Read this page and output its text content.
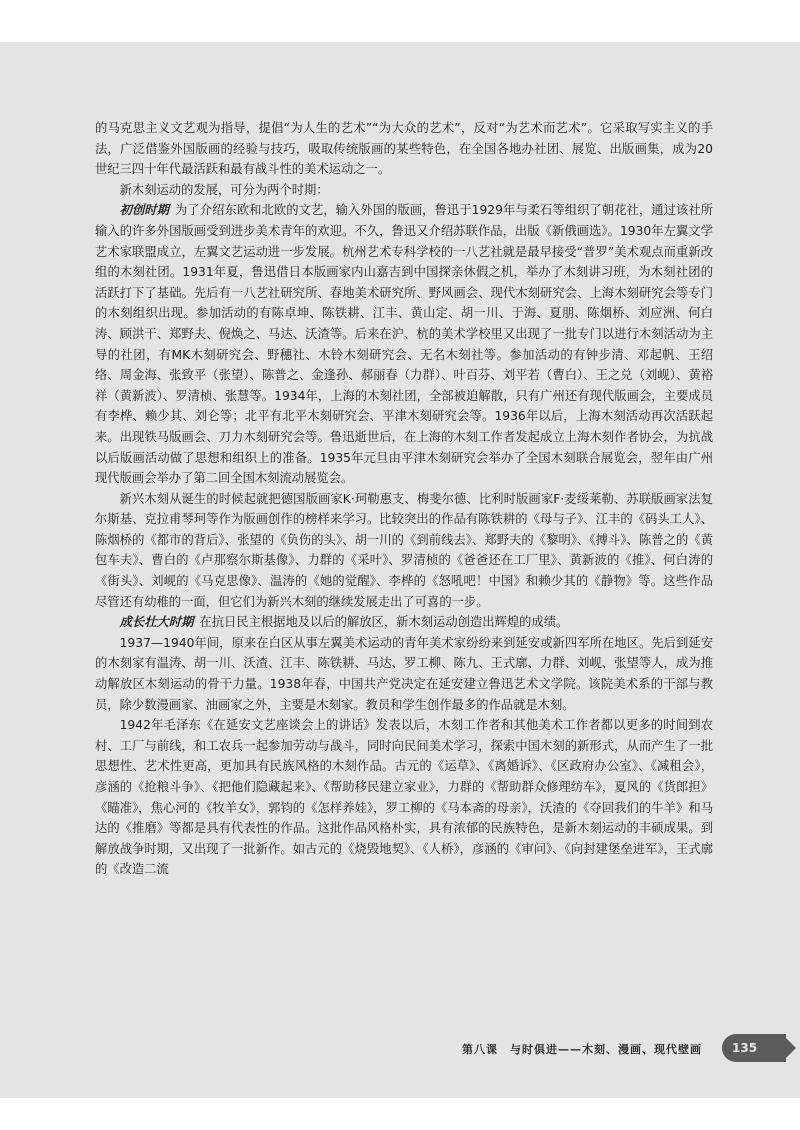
的马克思主义文艺观为指导，提倡“为人生的艺术”“为大众的艺术”，反对“为艺术而艺术”。它采取写实主义的手法，广泛借鉴外国版画的经验与技巧，吸取传统版画的某些特色，在全国各地办社团、展览、出版画集，成为20世纪三四十年代最活跃和最有战斗性的美术运动之一。

新木刻运动的发展，可分为两个时期：

初创时期 为了介绍东欧和北欧的文艺，输入外国的版画，鲁迅于1929年与柔石等组织了朝花社，通过该社所输入的许多外国版画受到进步美术青年的欢迎。不久，鲁迅又介绍苏联作品，出版《新俄画选》。1930年左翼文学艺术家联盟成立，左翼文艺运动进一步发展。杭州艺术专科学校的一八艺社就是最早接受“普罗”美术观点而重新改组的木刻社团。1931年夏，鲁迅借日本版画家内山嘉吉到中国探亲休假之机，举办了木刻讲习班，为木刻社团的活跃打下了基础。先后有一八艺社研究所、春地美术研究所、野风画会、现代木刻研究会、上海木刻研究会等专门的木刻组织出现。参加活动的有陈卓坤、陈铁耕、江丰、黄山定、胡一川、于海、夏朋、陈烟桥、刘应洲、何白涛、顾洪干、郑野夫、倪焕之、马达、沃渣等。后来在沪、杭的美术学校里又出现了一批专门以进行木刻活动为主导的社团，有MK木刻研究会、野穗社、木铃木刻研究会、无名木刻社等。参加活动的有钟步清、邓起帆、王绍络、周金海、张致平（张望）、陈普之、金逢孙、郝丽春（力群）、叶百芬、刘平若（曹白）、王之兑（刘岘）、黄裕祥（黄新波）、罗清桢、张慧等。1934年，上海的木刻社团，全部被迫解散，只有广州还有现代版画会，主要成员有李桦、赖少其、刘仑等；北平有北平木刻研究会、平津木刻研究会等。1936年以后，上海木刻活动再次活跃起来。出现铁马版画会、刀力木刻研究会等。鲁迅逝世后，在上海的木刻工作者发起成立上海木刻作者协会，为抗战以后版画活动做了思想和组织上的准备。1935年元旦由平津木刻研究会举办了全国木刻联合展览会，翌年由广州现代版画会举办了第二回全国木刻流动展览会。

新兴木刻从诞生的时候起就把德国版画家K·珂勒惠支、梅斐尔德、比利时版画家F·麦绥莱勒、苏联版画家法复尔斯基、克拉甫琴珂等作为版画创作的榜样来学习。比较突出的作品有陈铁耕的《母与子》、江丰的《码头工人》、陈烟桥的《都市的背后》、张望的《负伤的头》、胡一川的《到前线去》、郑野夫的《黎明》、《搏斗》、陈普之的《黄包车夫》、曹白的《卢那察尔斯基像》、力群的《采叶》、罗清桢的《爸爸还在工厂里》、黄新波的《推》、何白涛的《街头》、刘岘的《马克思像》、温涛的《她的觉醒》、李桦的《怒吼吧！中国》和赖少其的《静物》等。这些作品尽管还有幼稚的一面，但它们为新兴木刻的继续发展走出了可喜的一步。

成长壮大时期 在抗日民主根据地及以后的解放区，新木刻运动创造出辉煌的成绩。

1937—1940年间，原来在白区从事左翼美术运动的青年美术家纷纷来到延安或新四军所在地区。先后到延安的木刻家有温涛、胡一川、沃渣、江丰、陈铁耕、马达、罗工柳、陈九、王式廓、力群、刘岘、张望等人，成为推动解放区木刻运动的骨干力量。1938年春，中国共产党决定在延安建立鲁迅艺术文学院。该院美术系的干部与教员，除少数漫画家、油画家之外，主要是木刻家。教员和学生创作最多的作品就是木刻。

1942年毛泽东《在延安文艺座谈会上的讲话》发表以后，木刻工作者和其他美术工作者都以更多的时间到农村、工厂与前线，和工农兵一起参加劳动与战斗，同时向民间美术学习，探索中国木刻的新形式，从而产生了一批思想性、艺术性更高，更加具有民族风格的木刻作品。古元的《运草》、《离婚诉》、《区政府办公室》、《减租会》，彦涵的《抢粮斗争》、《把他们隐藏起来》、《帮助移民建立家业》，力群的《帮助群众修理纺车》，夏风的《货郎担》《瞄准》，焦心河的《牧羊女》，郭钧的《怎样养娃》，罗工柳的《马本斋的母亲》，沃渣的《夺回我们的牛羊》和马达的《推磨》等都是具有代表性的作品。这批作品风格朴实，具有浓郁的民族特色，是新木刻运动的丰硕成果。到解放战争时期，又出现了一批新作。如古元的《烧毁地契》、《人桥》，彦涵的《审问》、《向封建堡垒进军》，王式廓的《改造二流

第八课　与时俱进——木刻、漫画、现代壁画	135
